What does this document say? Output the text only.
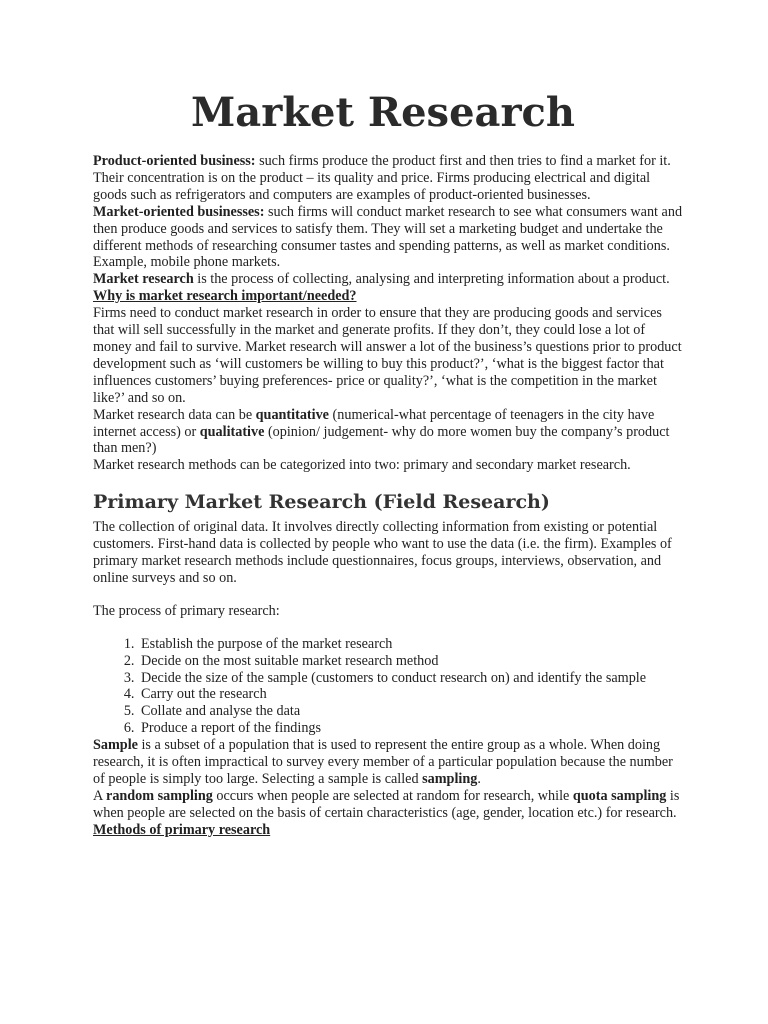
Market Research

Product-oriented business: such firms produce the product first and then tries to find a market for it. Their concentration is on the product – its quality and price. Firms producing electrical and digital goods such as refrigerators and computers are examples of product-oriented businesses.

Market-oriented businesses: such firms will conduct market research to see what consumers want and then produce goods and services to satisfy them. They will set a marketing budget and undertake the different methods of researching consumer tastes and spending patterns, as well as market conditions. Example, mobile phone markets.

Market research is the process of collecting, analysing and interpreting information about a product.

Why is market research important/needed?

Firms need to conduct market research in order to ensure that they are producing goods and services that will sell successfully in the market and generate profits. If they don’t, they could lose a lot of money and fail to survive. Market research will answer a lot of the business’s questions prior to product development such as ‘will customers be willing to buy this product?’, ‘what is the biggest factor that influences customers’ buying preferences- price or quality?’, ‘what is the competition in the market like?’ and so on.

Market research data can be quantitative (numerical-what percentage of teenagers in the city have internet access) or qualitative (opinion/ judgement- why do more women buy the company’s product than men?)

Market research methods can be categorized into two: primary and secondary market research.

Primary Market Research (Field Research)

The collection of original data. It involves directly collecting information from existing or potential customers. First-hand data is collected by people who want to use the data (i.e. the firm). Examples of primary market research methods include questionnaires, focus groups, interviews, observation, and online surveys and so on.

The process of primary research:

1. Establish the purpose of the market research
2. Decide on the most suitable market research method
3. Decide the size of the sample (customers to conduct research on) and identify the sample
4. Carry out the research
5. Collate and analyse the data
6. Produce a report of the findings

Sample is a subset of a population that is used to represent the entire group as a whole. When doing research, it is often impractical to survey every member of a particular population because the number of people is simply too large. Selecting a sample is called sampling.

A random sampling occurs when people are selected at random for research, while quota sampling is when people are selected on the basis of certain characteristics (age, gender, location etc.) for research.

Methods of primary research
